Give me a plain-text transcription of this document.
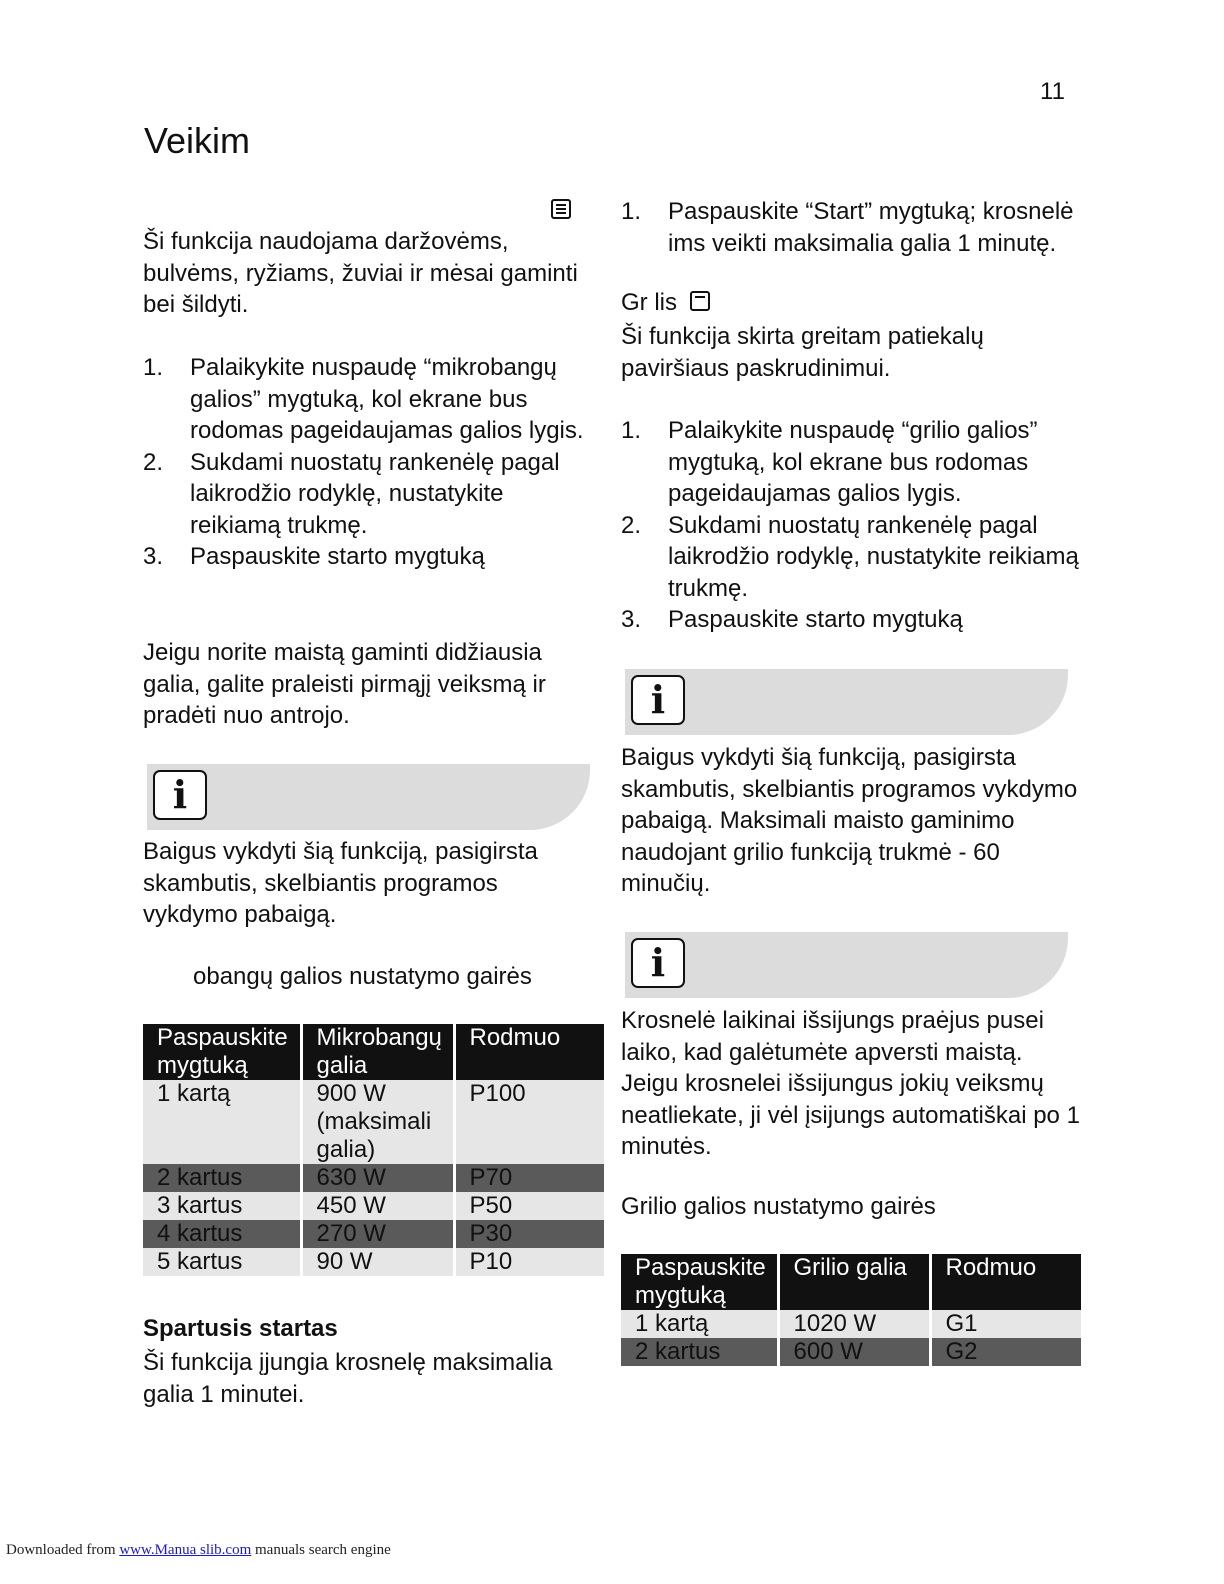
11
Veikim
Ši funkcija naudojama daržovėms, bulvėms, ryžiams, žuviai ir mėsai gaminti bei šildyti.
1. Palaikykite nuspaudę “mikrobangų galios” mygtuką, kol ekrane bus rodomas pageidaujamas galios lygis.
2. Sukdami nuostatų rankenėlę pagal laikrodžio rodyklę, nustatykite reikiamą trukmę.
3. Paspauskite starto mygtuką
Jeigu norite maistą gaminti didžiausia galia, galite praleisti pirmąjį veiksmą ir pradėti nuo antrojo.
i
Baigus vykdyti šią funkciją, pasigirsta skambutis, skelbiantis programos vykdymo pabaigą.
obangų galios nustatymo gairės
Paspauskite mygtuką	Mikrobangų galia	Rodmuo
1 kartą	900 W (maksimali galia)	P100
2 kartus	630 W	P70
3 kartus	450 W	P50
4 kartus	270 W	P30
5 kartus	90 W	P10
Spartusis startas
Ši funkcija įjungia krosnelę maksimalia galia 1 minutei.
1. Paspauskite “Start” mygtuką; krosnelė ims veikti maksimalia galia 1 minutę.
Gr lis
Ši funkcija skirta greitam patiekalų paviršiaus paskrudinimui.
1. Palaikykite nuspaudę “grilio galios” mygtuką, kol ekrane bus rodomas pageidaujamas galios lygis.
2. Sukdami nuostatų rankenėlę pagal laikrodžio rodyklę, nustatykite reikiamą trukmę.
3. Paspauskite starto mygtuką
i
Baigus vykdyti šią funkciją, pasigirsta skambutis, skelbiantis programos vykdymo pabaigą. Maksimali maisto gaminimo naudojant grilio funkciją trukmė - 60 minučių.
i
Krosnelė laikinai išsijungs praėjus pusei laiko, kad galėtumėte apversti maistą. Jeigu krosnelei išsijungus jokių veiksmų neatliekate, ji vėl įsijungs automatiškai po 1 minutės.
Grilio galios nustatymo gairės
Paspauskite mygtuką	Grilio galia	Rodmuo
1 kartą	1020 W	G1
2 kartus	600 W	G2
Downloaded from www.Manua slib.com manuals search engine
